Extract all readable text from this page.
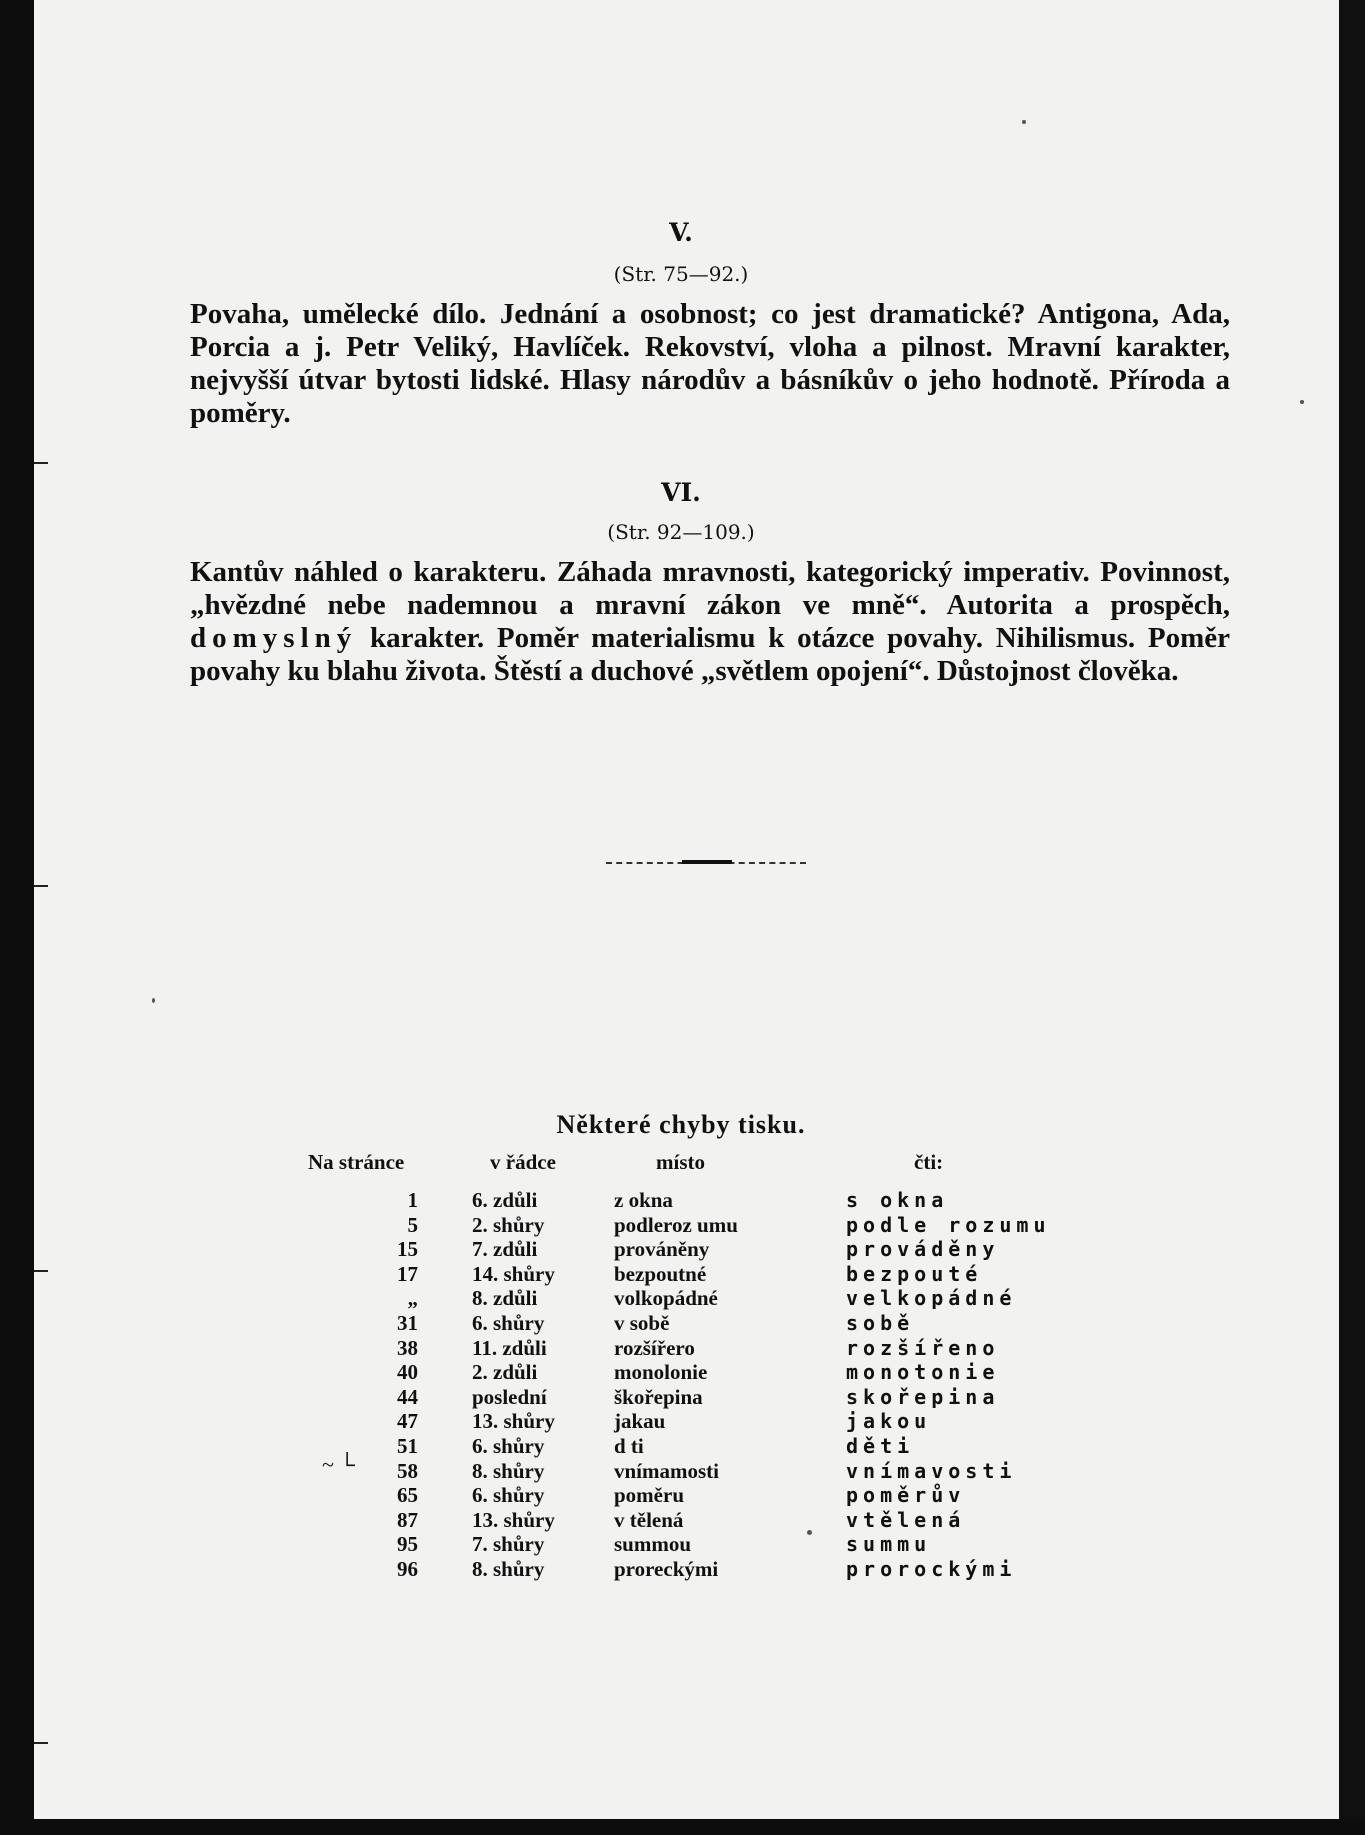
V.
(Str. 75—92.)
Povaha, umělecké dílo. Jednání a osobnost; co jest dramatické? Antigona, Ada, Porcia a j. Petr Veliký, Havlíček. Rekovství, vloha a pilnost. Mravní karakter, nejvyšší útvar bytosti lidské. Hlasy národův a básníkův o jeho hodnotě. Příroda a poměry.
VI.
(Str. 92—109.)
Kantův náhled o karakteru. Záhada mravnosti, kategorický imperativ. Povinnost, „hvězdné nebe nademnou a mravní zákon ve mně“. Autorita a prospěch, domyslný karakter. Poměr materialismu k otázce povahy. Nihilismus. Poměr povahy ku blahu života. Štěstí a duchové „světlem opojení“. Důstojnost člověka.
Některé chyby tisku.
Na stránce	v řádce	místo	čti:
1	6. zdůli	z okna	s okna
5	2. shůry	podleroz umu	podle rozumu
15	7. zdůli	prováněny	prováděny
17	14. shůry	bezpoutné	bezpouté
„	8. zdůli	volkopádné	velkopádné
31	6. shůry	v sobě	sobě
38	11. zdůli	rozšířero	rozšířeno
40	2. zdůli	monolonie	monotonie
44	poslední	škořepina	skořepina
47	13. shůry	jakau	jakou
51	6. shůry	d ti	děti
58	8. shůry	vnímamosti	vnímavosti
65	6. shůry	poměru	poměrův
87	13. shůry	v tělená	vtělená
95	7. shůry	summou	summu
96	8. shůry	proreckými	prorockými
~ └
